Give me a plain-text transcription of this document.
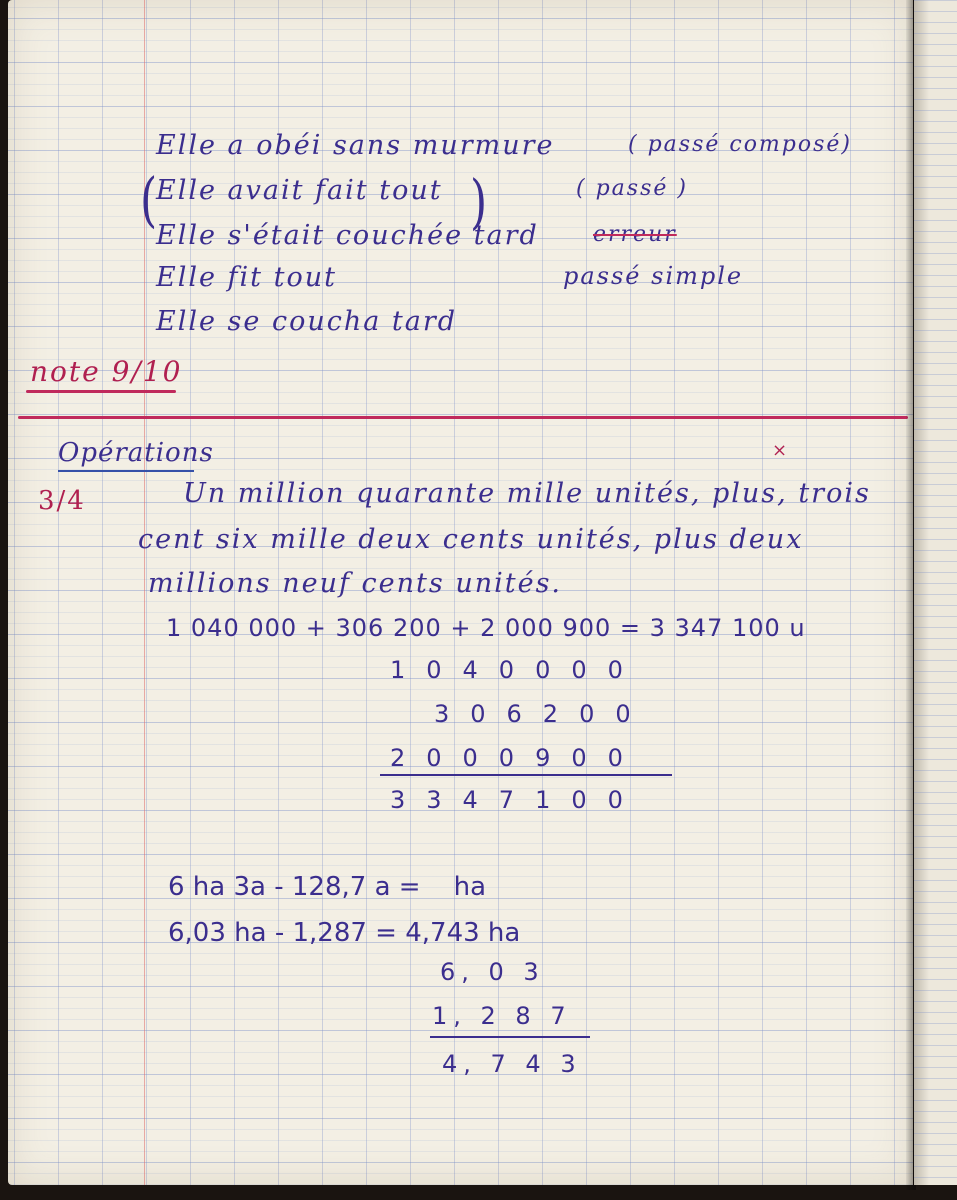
Elle a obéi sans murmure	( passé composé)
(
Elle avait fait tout	( passé )
Elle s'était couchée tard
)	erreur
Elle fit tout	passé simple
Elle se coucha tard
note 9/10
Opérations	×
3/4	Un million quarante mille unités, plus, trois
cent six mille deux cents unités, plus deux
millions neuf cents unités.
1 040 000 + 306 200 + 2 000 900 = 3 347 100 u
1040000
306200
2000900
3347100
6 ha 3a - 128,7 a =    ha
6,03 ha - 1,287 = 4,743 ha
6, 0 3
1, 2 8 7
4, 7 4 3
